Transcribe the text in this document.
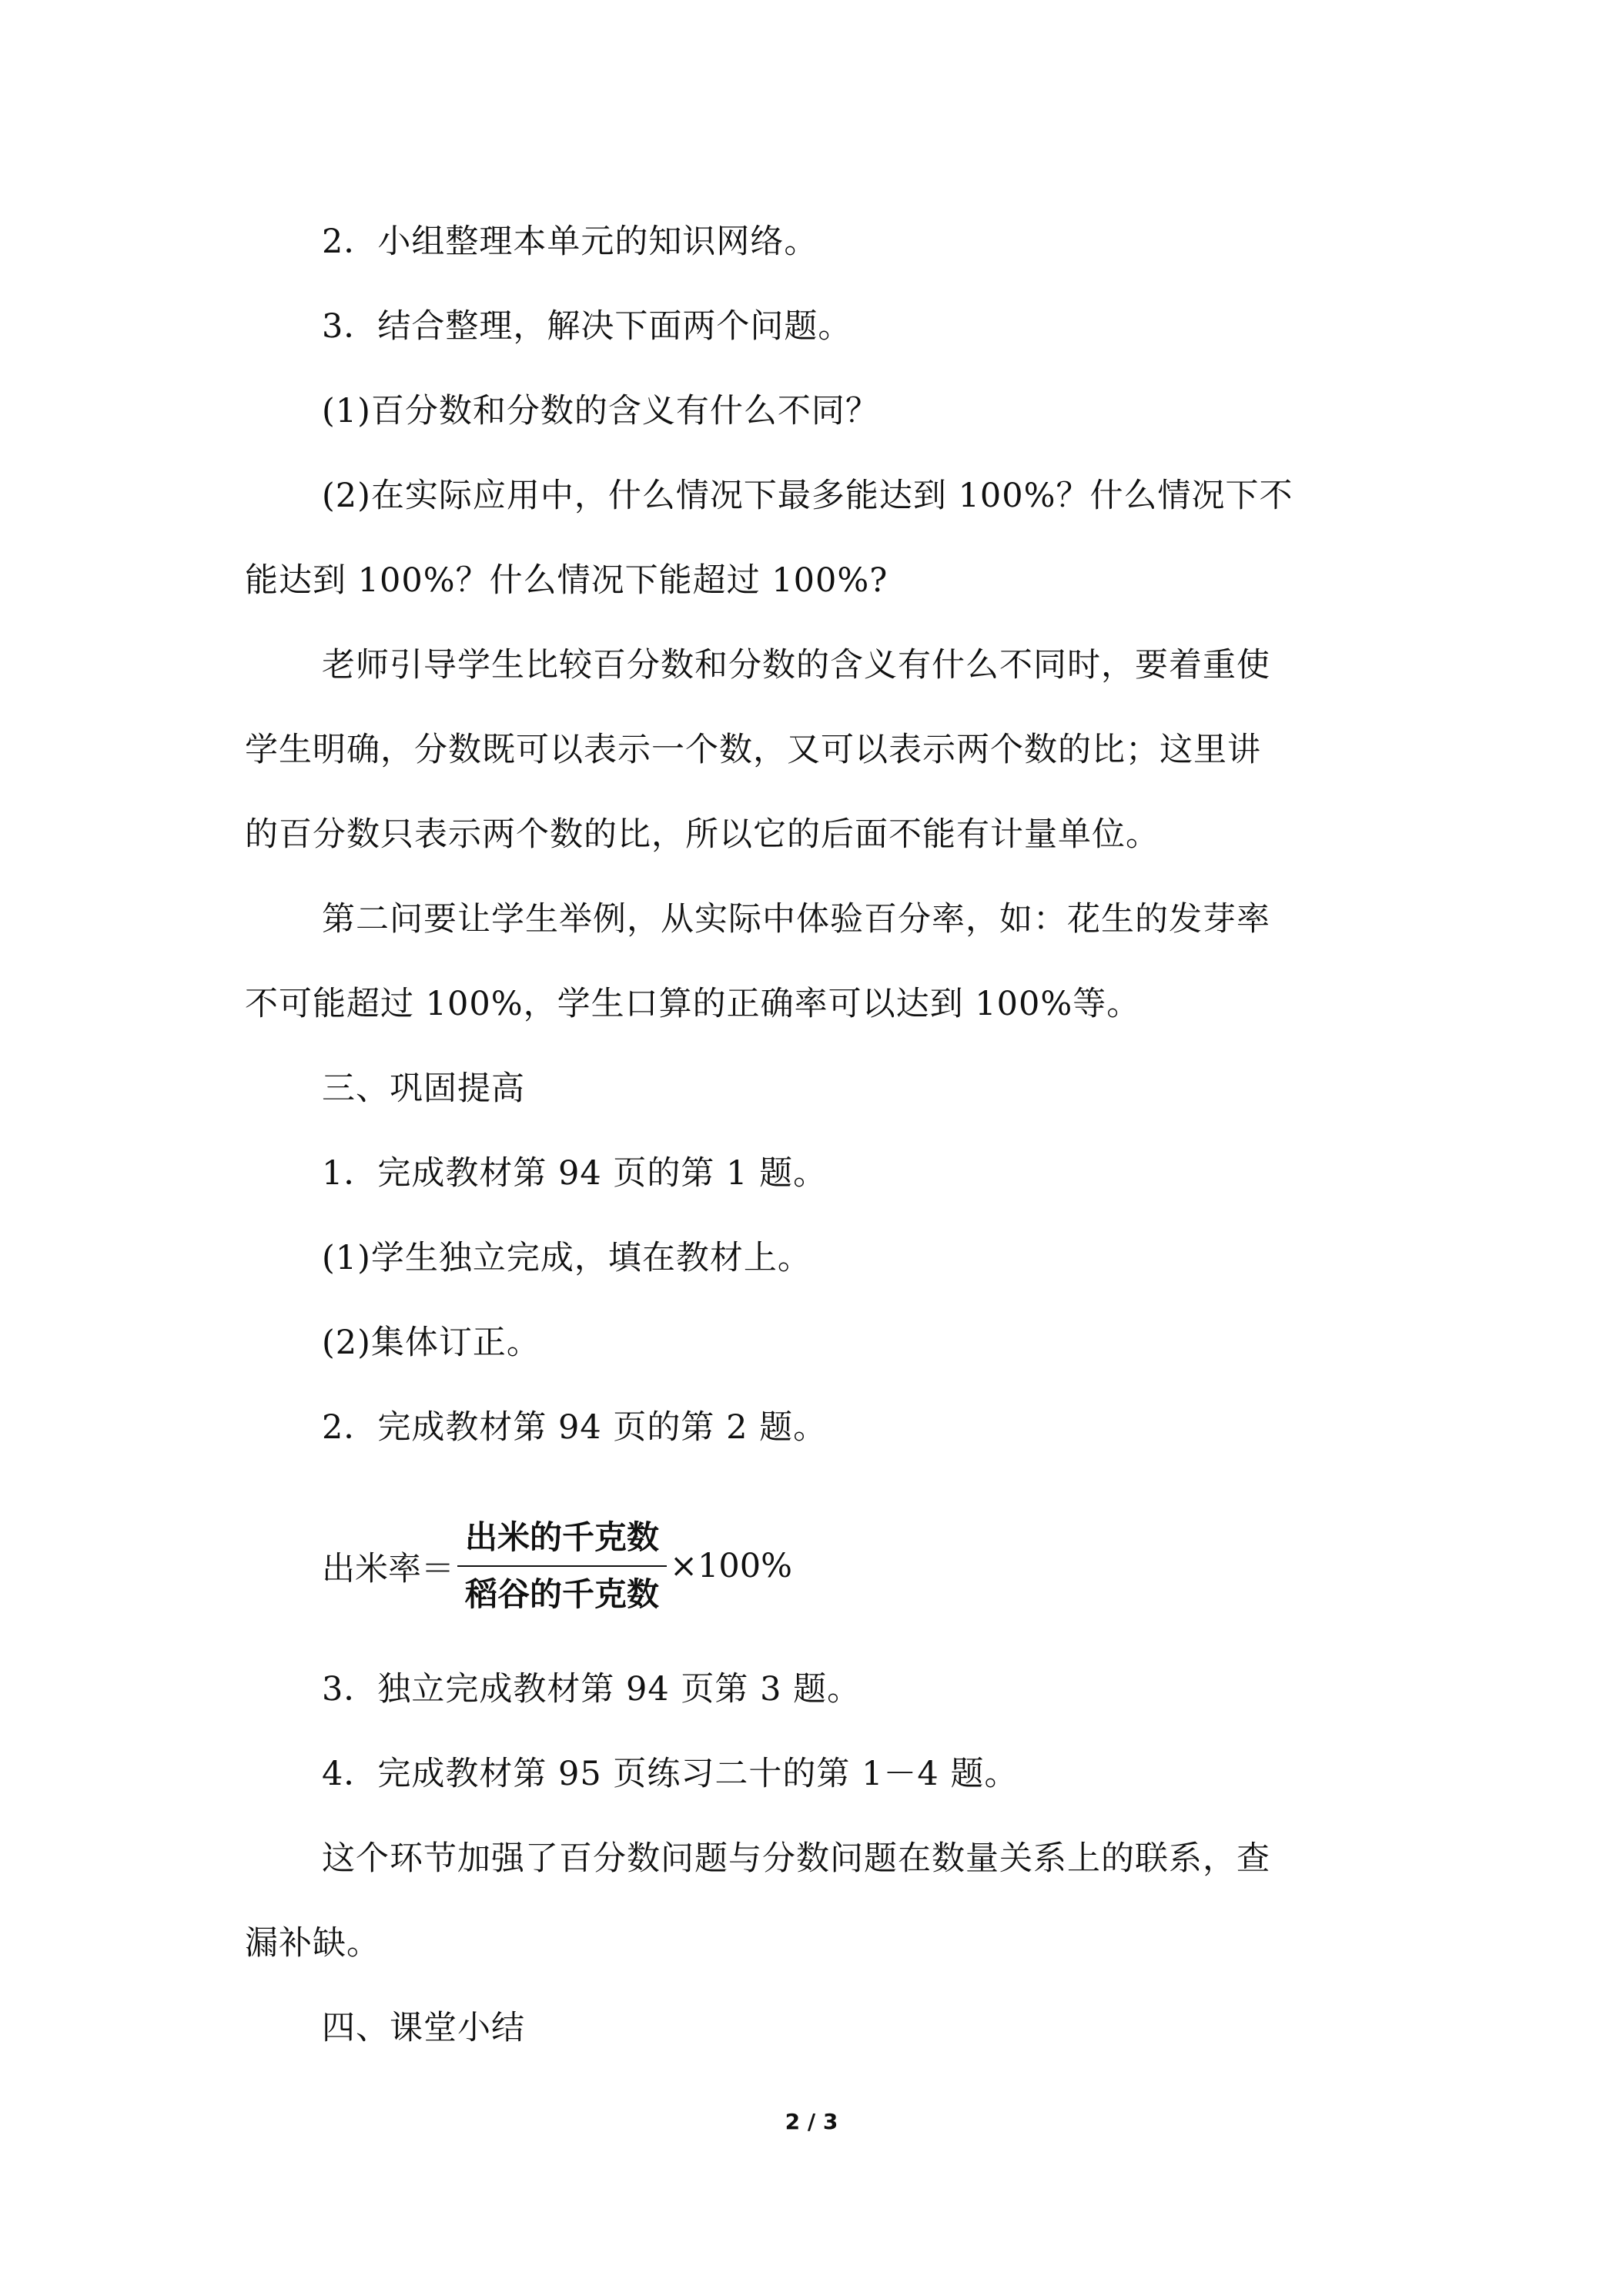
2．小组整理本单元的知识网络。
3．结合整理，解决下面两个问题。
(1)百分数和分数的含义有什么不同？
(2)在实际应用中，什么情况下最多能达到 100%？什么情况下不
能达到 100%？什么情况下能超过 100%?
老师引导学生比较百分数和分数的含义有什么不同时，要着重使
学生明确，分数既可以表示一个数，又可以表示两个数的比；这里讲
的百分数只表示两个数的比，所以它的后面不能有计量单位。
第二问要让学生举例，从实际中体验百分率，如：花生的发芽率
不可能超过 100%，学生口算的正确率可以达到 100%等。
三、巩固提高
1．完成教材第 94 页的第 1 题。
(1)学生独立完成，填在教材上。
(2)集体订正。
2．完成教材第 94 页的第 2 题。
出米率＝ $\frac{\text{出米的千克数}}{\text{稻谷的千克数}} \times 100\%$
3．独立完成教材第 94 页第 3 题。
4．完成教材第 95 页练习二十的第 1－4 题。
这个环节加强了百分数问题与分数问题在数量关系上的联系，查
漏补缺。
四、课堂小结
2 / 3
